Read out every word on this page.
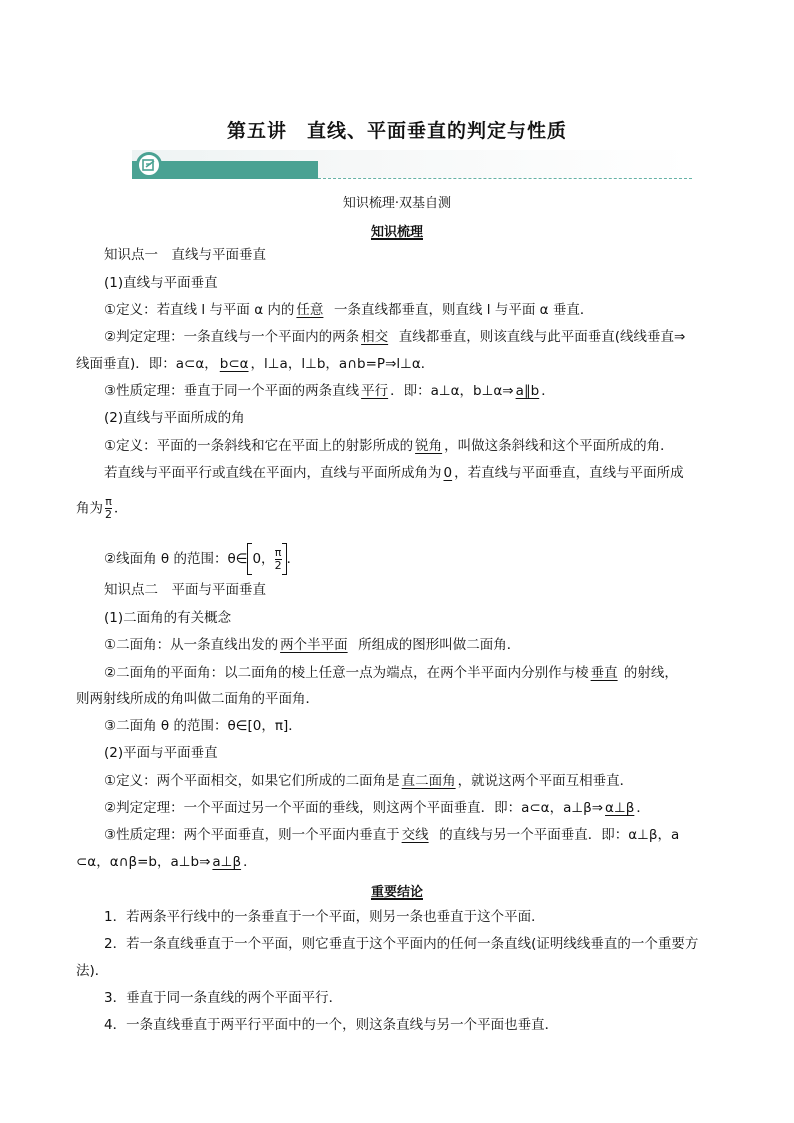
第五讲　直线、平面垂直的判定与性质
知识梳理·双基自测
知识梳理
知识点一　直线与平面垂直
(1)直线与平面垂直
①定义：若直线 l 与平面 α 内的 任意 一条直线都垂直，则直线 l 与平面 α 垂直．
②判定定理：一条直线与一个平面内的两条 相交 直线都垂直，则该直线与此平面垂直(线线垂直⇒
线面垂直)．即：a⊂α， b⊂α ，l⊥a，l⊥b，a∩b=P⇒l⊥α．
③性质定理：垂直于同一个平面的两条直线 平行 ．即：a⊥α，b⊥α⇒ a∥b ．
(2)直线与平面所成的角
①定义：平面的一条斜线和它在平面上的射影所成的 锐角 ，叫做这条斜线和这个平面所成的角．
若直线与平面平行或直线在平面内，直线与平面所成角为 0 ，若直线与平面垂直，直线与平面所成
角为 $\frac{\pi}{2}$ ．
②线面角 θ 的范围：θ∈ 0， $\frac{\pi}{2}$ ．
知识点二　平面与平面垂直
(1)二面角的有关概念
①二面角：从一条直线出发的 两个半平面 所组成的图形叫做二面角．
②二面角的平面角：以二面角的棱上任意一点为端点，在两个半平面内分别作与棱 垂直 的射线，
则两射线所成的角叫做二面角的平面角．
③二面角 θ 的范围：θ∈[0，π]．
(2)平面与平面垂直
①定义：两个平面相交，如果它们所成的二面角是 直二面角 ，就说这两个平面互相垂直．
②判定定理：一个平面过另一个平面的垂线，则这两个平面垂直．即：a⊂α，a⊥β⇒ α⊥β ．
③性质定理：两个平面垂直，则一个平面内垂直于 交线 的直线与另一个平面垂直．即：α⊥β，a
⊂α，α∩β=b，a⊥b⇒ a⊥β ．
重要结论
1．若两条平行线中的一条垂直于一个平面，则另一条也垂直于这个平面．
2．若一条直线垂直于一个平面，则它垂直于这个平面内的任何一条直线(证明线线垂直的一个重要方
法)．
3．垂直于同一条直线的两个平面平行．
4．一条直线垂直于两平行平面中的一个，则这条直线与另一个平面也垂直．
